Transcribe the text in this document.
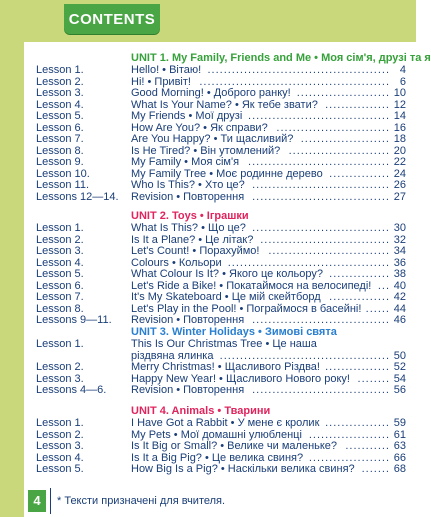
CONTENTS
UNIT 1. My Family, Friends and Me • Моя сім'я, друзі та я
Lesson 1.	Hello! • Вітаю!	4
.............................................
Lesson 2.	Hi! • Привіт!	6
...............................................
Lesson 3.	Good Morning! • Доброго ранку!	10
.......................
Lesson 4.	What Is Your Name? • Як тебе звати?	12
................
Lesson 5.	My Friends • Мої друзі	14
...................................
Lesson 6.	How Are You? • Як справи?	16
............................
Lesson 7.	Are You Happy? • Ти щасливий?	18
......................
Lesson 8.	Is He Tired? • Він утомлений?	20
.........................
Lesson 9.	My Family • Моя сім'я	22
...................................
Lesson 10.	My Family Tree • Моє родинне дерево	24
...............
Lesson 11.	Who Is This? • Хто це?	26
..................................
Lessons 12—14. Revision • Повторення	27
..................................
UNIT 2. Toys • Іграшки
Lesson 1.	What Is This? • Що це?	30
..................................
Lesson 2.	Is It a Plane? • Це літак?	32
................................
Lesson 3.	Let's Count! • Порахуймо!	34
..............................
Lesson 4.	Colours • Кольори	36
........................................
Lesson 5.	What Colour Is It? • Якого це кольору?	38
...............
Lesson 6.	Let's Ride a Bike! • Покатаймося на велосипеді!	40
...
Lesson 7.	It's My Skateboard • Це мій скейтборд	42
...............
Lesson 8.	Let's Play in the Pool! • Пограймося в басейні!	44
......
Lessons 9—11. Revision • Повторення	46
..................................
UNIT 3. Winter Holidays • Зимові свята
Lesson 1.	This Is Our Christmas Tree • Це наша
різдвяна ялинка	50
..........................................
Lesson 2.	Merry Christmas! • Щасливого Різдва!	52
................
Lesson 3.	Happy New Year! • Щасливого Нового року!	54
........
Lessons 4—6. Revision • Повторення	56
..................................
UNIT 4. Animals • Тварини
Lesson 1.	I Have Got a Rabbit • У мене є кролик	59
................
Lesson 2.	My Pets • Мої домашні улюбленці	61
....................
Lesson 3.	Is It Big or Small? • Велике чи маленьке?	63
...........
Lesson 4.	Is It a Big Pig? • Це велика свиня?	66
....................
Lesson 5.	How Big Is a Pig? • Наскільки велика свиня?	68
.......
4	* Тексти призначені для вчителя.
